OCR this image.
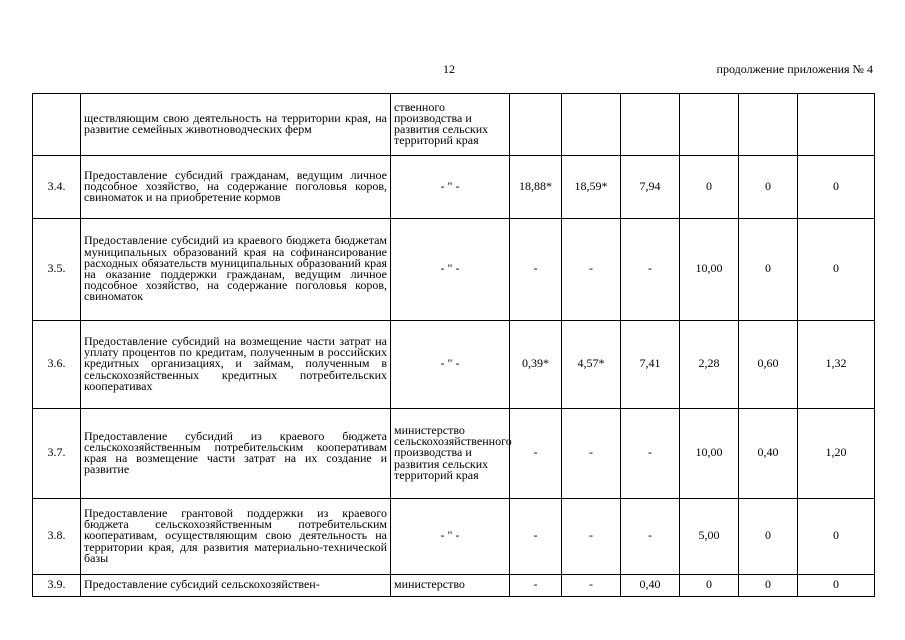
12	продолжение приложения № 4
	ществляющим свою деятельность на территории края, на развитие семейных животноводческих ферм	ственного производства и развития сельских территорий края						
3.4.	Предоставление субсидий гражданам, ведущим личное подсобное хозяйство, на содержание поголовья коров, свиноматок и на приобретение кормов	- " -	18,88*	18,59*	7,94	0	0	0
3.5.	Предоставление субсидий из краевого бюджета бюджетам муниципальных образований края на софинансирование расходных обязательств муниципальных образований края на оказание поддержки гражданам, ведущим личное подсобное хозяйство, на содержание поголовья коров, свиноматок	- " -	-	-	-	10,00	0	0
3.6.	Предоставление субсидий на возмещение части затрат на уплату процентов по кредитам, полученным в российских кредитных организациях, и займам, полученным в сельскохозяйственных кредитных потребительских кооперативах	- " -	0,39*	4,57*	7,41	2,28	0,60	1,32
3.7.	Предоставление субсидий из краевого бюджета сельскохозяйственным потребительским кооперативам края на возмещение части затрат на их создание и развитие	министерство сельскохозяйственного производства и развития сельских территорий края	-	-	-	10,00	0,40	1,20
3.8.	Предоставление грантовой поддержки из краевого бюджета сельскохозяйственным потребительским кооперативам, осуществляющим свою деятельность на территории края, для развития материально-технической базы	- " -	-	-	-	5,00	0	0
3.9.	Предоставление субсидий сельскохозяйствен-	министерство	-	-	0,40	0	0	0
